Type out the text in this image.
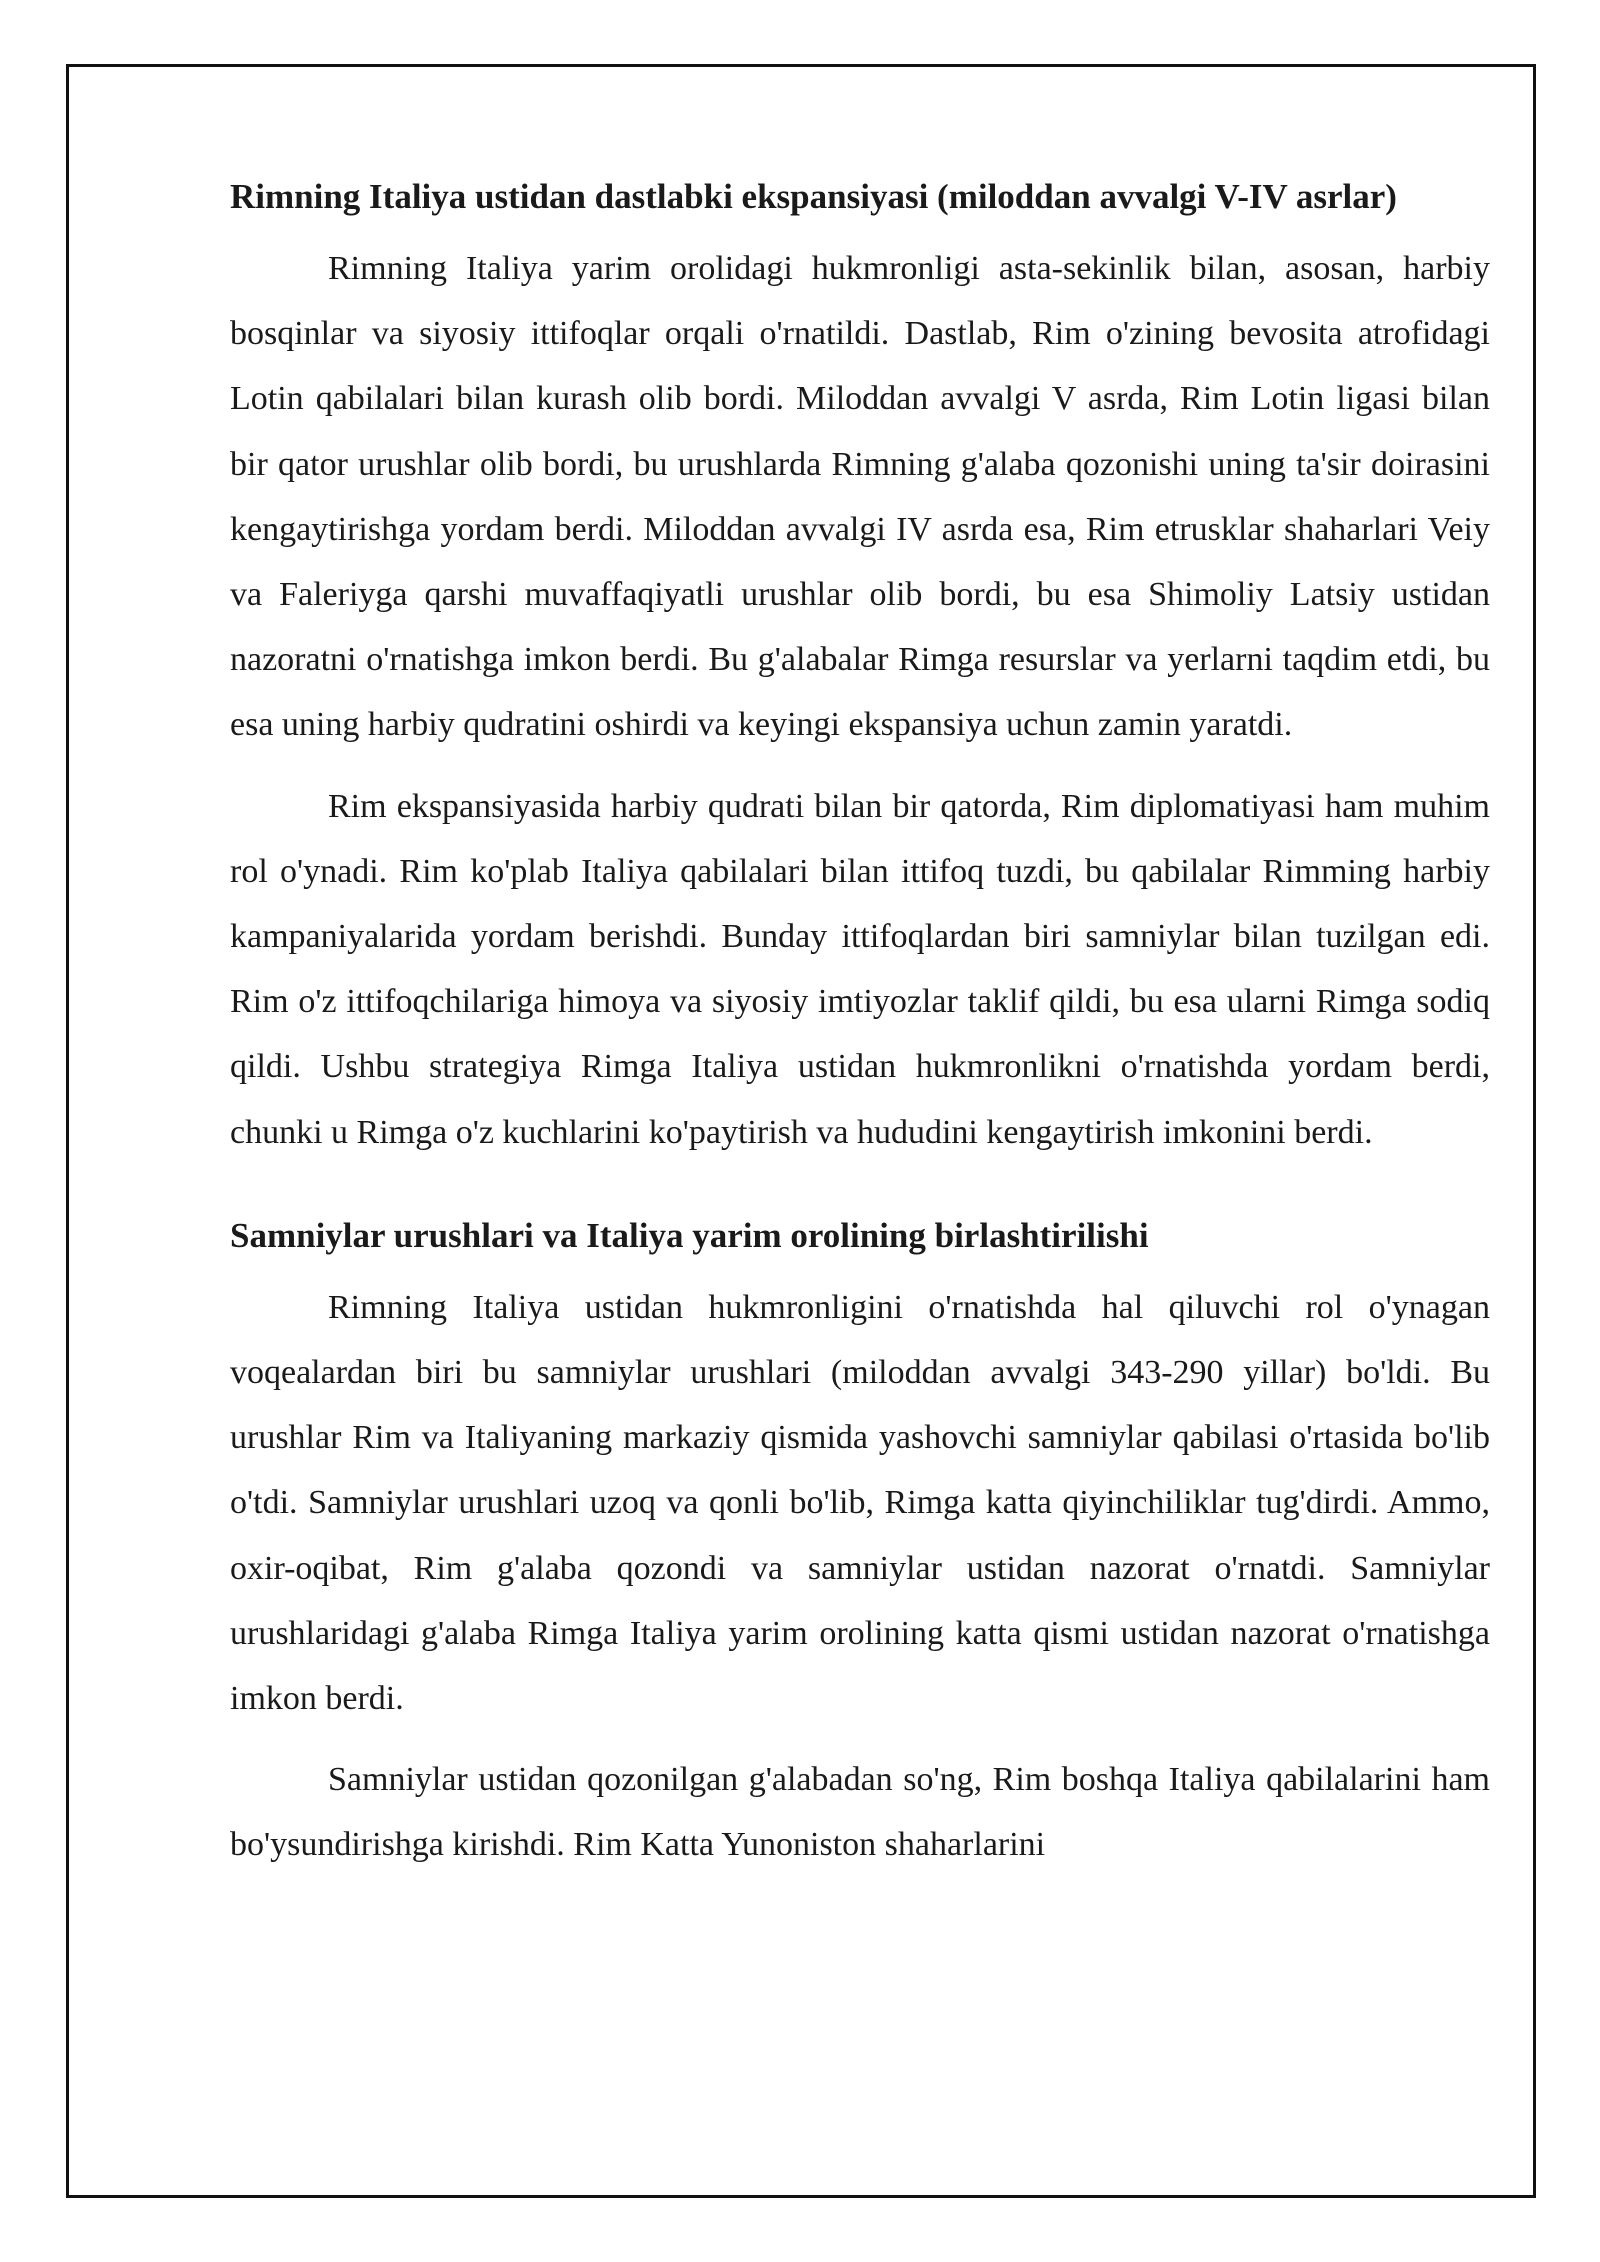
Rimning Italiya ustidan dastlabki ekspansiyasi (miloddan avvalgi V-IV asrlar)

Rimning Italiya yarim orolidagi hukmronligi asta-sekinlik bilan, asosan, harbiy bosqinlar va siyosiy ittifoqlar orqali o'rnatildi. Dastlab, Rim o'zining bevosita atrofidagi Lotin qabilalari bilan kurash olib bordi. Miloddan avvalgi V asrda, Rim Lotin ligasi bilan bir qator urushlar olib bordi, bu urushlarda Rimning g'alaba qozonishi uning ta'sir doirasini kengaytirishga yordam berdi. Miloddan avvalgi IV asrda esa, Rim etrusklar shaharlari Veiy va Faleriyga qarshi muvaffaqiyatli urushlar olib bordi, bu esa Shimoliy Latsiy ustidan nazoratni o'rnatishga imkon berdi. Bu g'alabalar Rimga resurslar va yerlarni taqdim etdi, bu esa uning harbiy qudratini oshirdi va keyingi ekspansiya uchun zamin yaratdi.

Rim ekspansiyasida harbiy qudrati bilan bir qatorda, Rim diplomatiyasi ham muhim rol o'ynadi. Rim ko'plab Italiya qabilalari bilan ittifoq tuzdi, bu qabilalar Rimming harbiy kampaniyalarida yordam berishdi. Bunday ittifoqlardan biri samniylar bilan tuzilgan edi. Rim o'z ittifoqchilariga himoya va siyosiy imtiyozlar taklif qildi, bu esa ularni Rimga sodiq qildi. Ushbu strategiya Rimga Italiya ustidan hukmronlikni o'rnatishda yordam berdi, chunki u Rimga o'z kuchlarini ko'paytirish va hududini kengaytirish imkonini berdi.

Samniylar urushlari va Italiya yarim orolining birlashtirilishi

Rimning Italiya ustidan hukmronligini o'rnatishda hal qiluvchi rol o'ynagan voqealardan biri bu samniylar urushlari (miloddan avvalgi 343-290 yillar) bo'ldi. Bu urushlar Rim va Italiyaning markaziy qismida yashovchi samniylar qabilasi o'rtasida bo'lib o'tdi. Samniylar urushlari uzoq va qonli bo'lib, Rimga katta qiyinchiliklar tug'dirdi. Ammo, oxir-oqibat, Rim g'alaba qozondi va samniylar ustidan nazorat o'rnatdi. Samniylar urushlaridagi g'alaba Rimga Italiya yarim orolining katta qismi ustidan nazorat o'rnatishga imkon berdi.

Samniylar ustidan qozonilgan g'alabadan so'ng, Rim boshqa Italiya qabilalarini ham bo'ysundirishga kirishdi. Rim Katta Yunoniston shaharlarini
